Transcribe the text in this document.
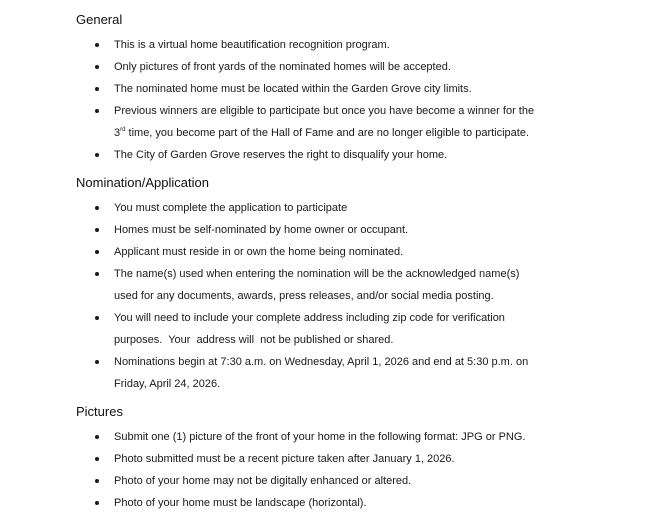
General
This is a virtual home beautification recognition program.
Only pictures of front yards of the nominated homes will be accepted.
The nominated home must be located within the Garden Grove city limits.
Previous winners are eligible to participate but once you have become a winner for the
3rd time, you become part of the Hall of Fame and are no longer eligible to participate.
The City of Garden Grove reserves the right to disqualify your home.
Nomination/Application
You must complete the application to participate
Homes must be self-nominated by home owner or occupant.
Applicant must reside in or own the home being nominated.
The name(s) used when entering the nomination will be the acknowledged name(s)
used for any documents, awards, press releases, and/or social media posting.
You will need to include your complete address including zip code for verification
purposes.  Your  address will  not be published or shared.
Nominations begin at 7:30 a.m. on Wednesday, April 1, 2026 and end at 5:30 p.m. on
Friday, April 24, 2026.
Pictures
Submit one (1) picture of the front of your home in the following format: JPG or PNG.
Photo submitted must be a recent picture taken after January 1, 2026.
Photo of your home may not be digitally enhanced or altered.
Photo of your home must be landscape (horizontal).
